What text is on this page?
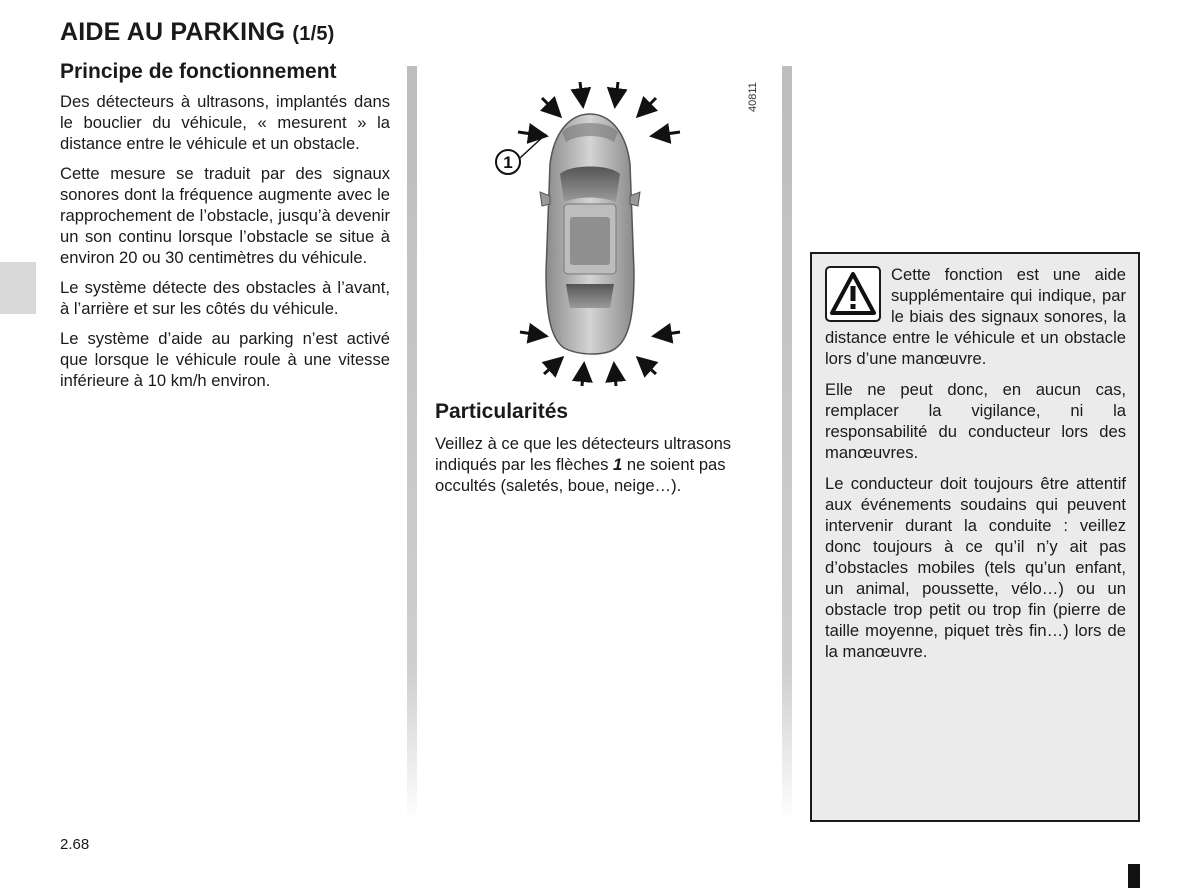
AIDE AU PARKING (1/5)
Principe de fonctionnement

Des détecteurs à ultrasons, implantés dans le bouclier du véhicule, « mesurent » la distance entre le véhicule et un obstacle.

Cette mesure se traduit par des signaux sonores dont la fréquence augmente avec le rapprochement de l’obstacle, jusqu’à devenir un son continu lorsque l’obstacle se situe à environ 20 ou 30 centimètres du véhicule.

Le système détecte des obstacles à l’avant, à l’arrière et sur les côtés du véhicule.

Le système d’aide au parking n’est activé que lorsque le véhicule roule à une vitesse inférieure à 10 km/h environ.

1
40811
Particularités

Veillez à ce que les détecteurs ultrasons indiqués par les flèches 1 ne soient pas occultés (saletés, boue, neige…).

Cette fonction est une aide supplémentaire qui indique, par le biais des signaux sonores, la distance entre le véhicule et un obstacle lors d’une manœuvre.

Elle ne peut donc, en aucun cas, remplacer la vigilance, ni la responsabilité du conducteur lors des manœuvres.

Le conducteur doit toujours être attentif aux événements soudains qui peuvent intervenir durant la conduite : veillez donc toujours à ce qu’il n’y ait pas d’obstacles mobiles (tels qu’un enfant, un animal, poussette, vélo…) ou un obstacle trop petit ou trop fin (pierre de taille moyenne, piquet très fin…) lors de la manœuvre.

2.68
